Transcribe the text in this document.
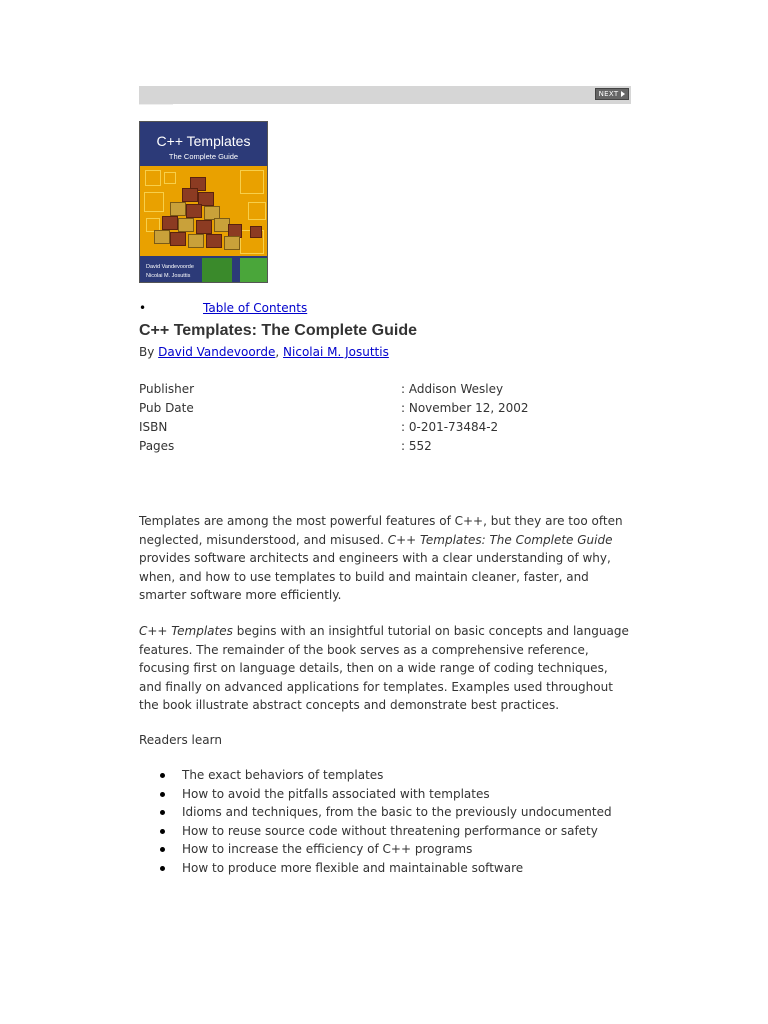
NEXT
C++ Templates
The Complete Guide
David Vandevoorde
Nicolai M. Josuttis
•	Table of Contents
C++ Templates: The Complete Guide
By David Vandevoorde, Nicolai M. Josuttis
Publisher	: Addison Wesley
Pub Date	: November 12, 2002
ISBN	: 0-201-73484-2
Pages	: 552

Templates are among the most powerful features of C++, but they are too often neglected, misunderstood, and misused. C++ Templates: The Complete Guide provides software architects and engineers with a clear understanding of why, when, and how to use templates to build and maintain cleaner, faster, and smarter software more efficiently.

C++ Templates begins with an insightful tutorial on basic concepts and language features. The remainder of the book serves as a comprehensive reference, focusing first on language details, then on a wide range of coding techniques, and finally on advanced applications for templates. Examples used throughout the book illustrate abstract concepts and demonstrate best practices.

Readers learn

The exact behaviors of templates
How to avoid the pitfalls associated with templates
Idioms and techniques, from the basic to the previously undocumented
How to reuse source code without threatening performance or safety
How to increase the efficiency of C++ programs
How to produce more flexible and maintainable software
